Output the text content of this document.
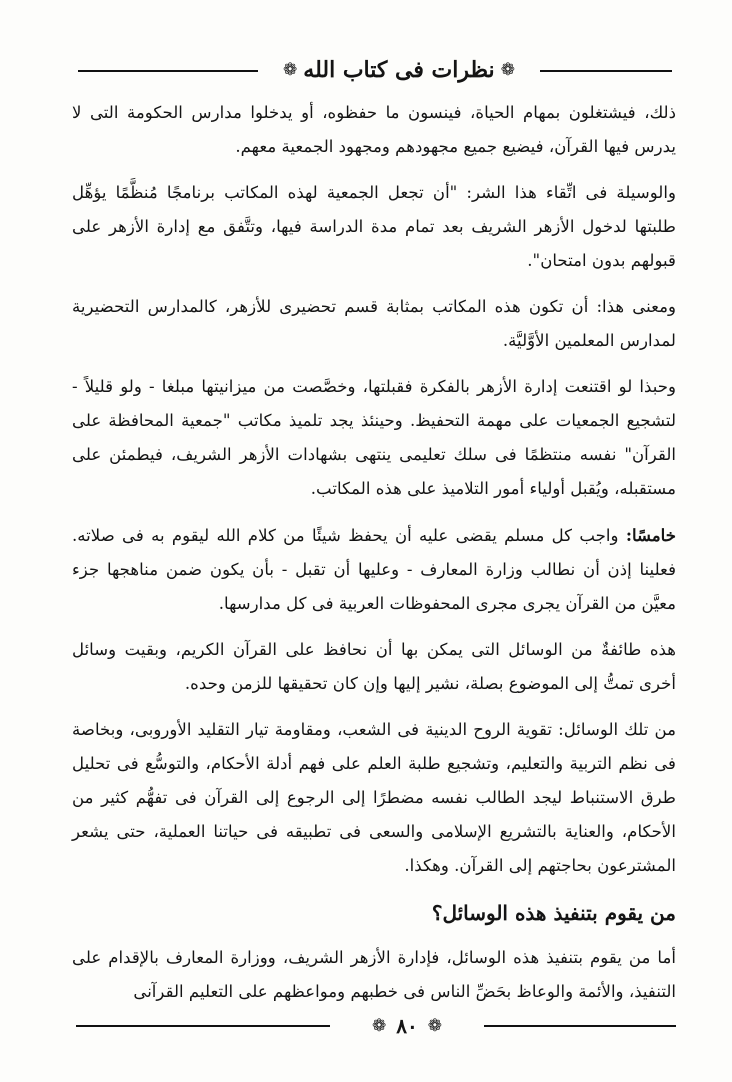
❁ نظرات فى كتاب الله ❁

ذلك، فيشتغلون بمهام الحياة، فينسون ما حفظوه، أو يدخلوا مدارس الحكومة التى لا يدرس فيها القرآن، فيضيع جميع مجهودهم ومجهود الجمعية معهم.

والوسيلة فى اتِّقاء هذا الشر: "أن تجعل الجمعية لهذه المكاتب برنامجًا مُنظَّمًا يؤهِّل طلبتها لدخول الأزهر الشريف بعد تمام مدة الدراسة فيها، وتتَّفق مع إدارة الأزهر على قبولهم بدون امتحان".

ومعنى هذا: أن تكون هذه المكاتب بمثابة قسم تحضيرى للأزهر، كالمدارس التحضيرية لمدارس المعلمين الأوَّليَّة.

وحبذا لو اقتنعت إدارة الأزهر بالفكرة فقبلتها، وخصَّصت من ميزانيتها مبلغا - ولو قليلاً - لتشجيع الجمعيات على مهمة التحفيظ. وحينئذ يجد تلميذ مكاتب "جمعية المحافظة على القرآن" نفسه منتظمًا فى سلك تعليمى ينتهى بشهادات الأزهر الشريف، فيطمئن على مستقبله، ويُقبل أولياء أمور التلاميذ على هذه المكاتب.

خامسًا: واجب كل مسلم يقضى عليه أن يحفظ شيئًا من كلام الله ليقوم به فى صلاته. فعلينا إذن أن نطالب وزارة المعارف - وعليها أن تقبل - بأن يكون ضمن مناهجها جزء معيَّن من القرآن يجرى مجرى المحفوظات العربية فى كل مدارسها.

هذه طائفةٌ من الوسائل التى يمكن بها أن نحافظ على القرآن الكريم، وبقيت وسائل أخرى تمتُّ إلى الموضوع بصلة، نشير إليها وإن كان تحقيقها للزمن وحده.

من تلك الوسائل: تقوية الروح الدينية فى الشعب، ومقاومة تيار التقليد الأوروبى، وبخاصة فى نظم التربية والتعليم، وتشجيع طلبة العلم على فهم أدلة الأحكام، والتوسُّع فى تحليل طرق الاستنباط ليجد الطالب نفسه مضطرًا إلى الرجوع إلى القرآن فى تفهُّم كثير من الأحكام، والعناية بالتشريع الإسلامى والسعى فى تطبيقه فى حياتنا العملية، حتى يشعر المشترعون بحاجتهم إلى القرآن. وهكذا.

من يقوم بتنفيذ هذه الوسائل؟

أما من يقوم بتنفيذ هذه الوسائل، فإدارة الأزهر الشريف، ووزارة المعارف بالإقدام على التنفيذ، والأئمة والوعاظ بحَضِّ الناس فى خطبهم ومواعظهم على التعليم القرآنى

❁ ٨٠ ❁
